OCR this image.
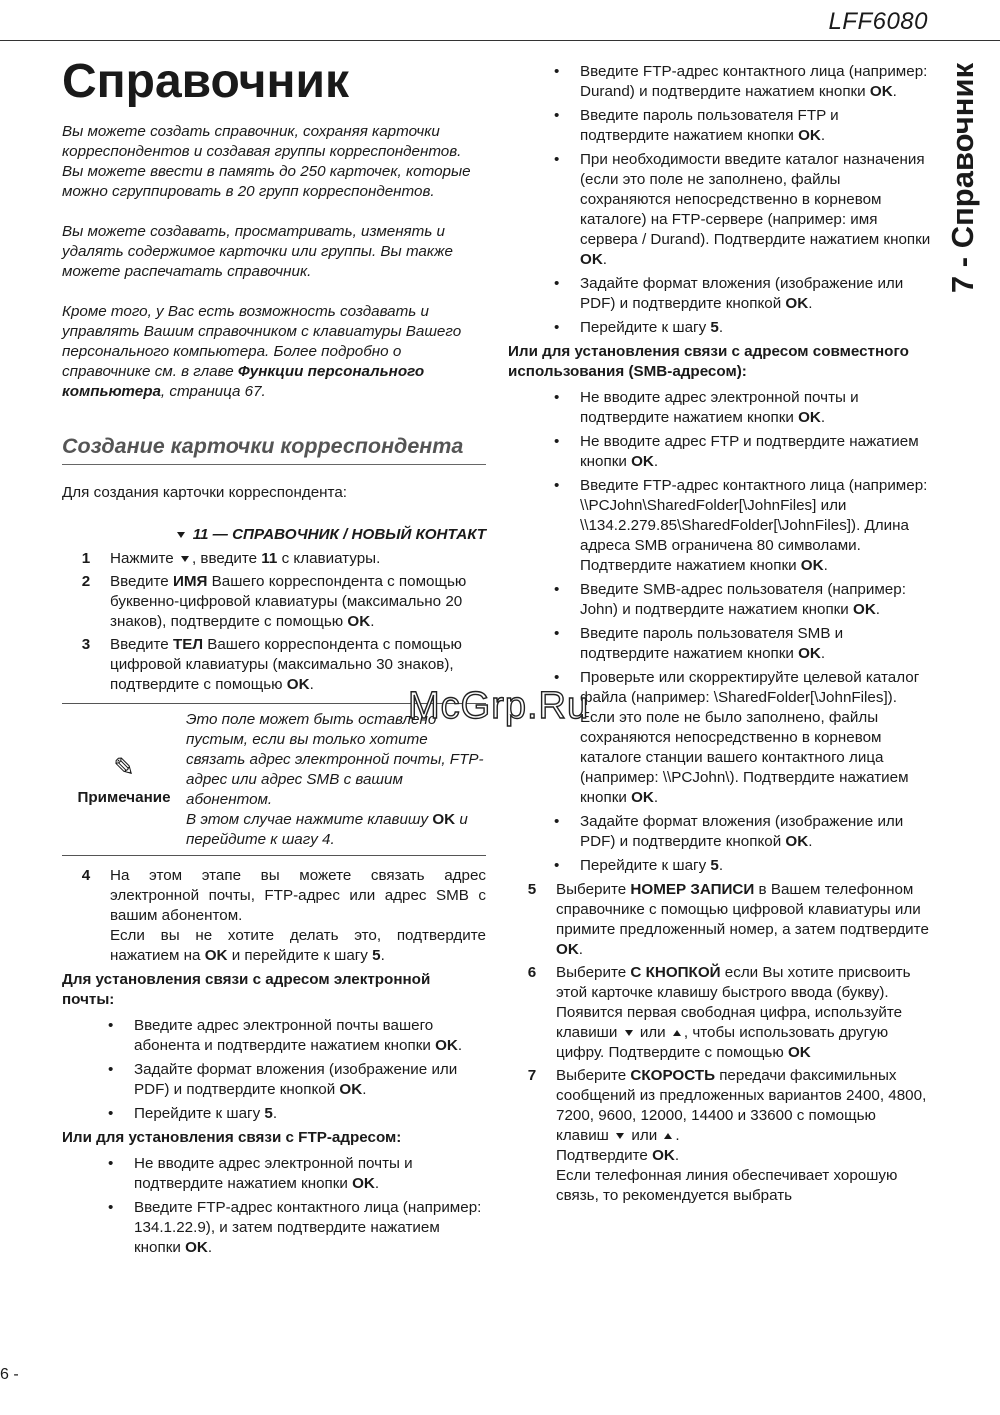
LFF6080
7 - Справочник
Справочник

Вы можете создать справочник, сохраняя карточки корреспондентов и создавая группы корреспондентов. Вы можете ввести в память до 250 карточек, которые можно сгруппировать в 20 групп корреспондентов.

Вы можете создавать, просматривать, изменять и удалять содержимое карточки или группы. Вы также можете распечатать справочник.

Кроме того, у Вас есть возможность создавать и управлять Вашим справочником с клавиатуры Вашего персонального компьютера. Более подробно о справочнике см. в главе Функции персонального компьютера, страница 67.

Создание карточки корреспондента

Для создания карточки корреспондента:

11 — СПРАВОЧНИК / НОВЫЙ КОНТАКТ
1	Нажмите , введите 11 с клавиатуры.
2	Введите ИМЯ Вашего корреспондента с помощью буквенно-цифровой клавиатуры (максимально 20 знаков), подтвердите с помощью OK.
3	Введите ТЕЛ Вашего корреспондента с помощью цифровой клавиатуры (максимально 30 знаков), подтвердите с помощью OK.
✎
Примечание
Это поле может быть оставлено пустым, если вы только хотите связать адрес электронной почты, FTP-адрес или адрес SMB с вашим абонентом.
В этом случае нажмите клавишу OK и перейдите к шагу 4.
4	На этом этапе вы можете связать адрес электронной почты, FTP-адрес или адрес SMB с вашим абонентом.
Если вы не хотите делать это, подтвердите нажатием на OK и перейдите к шагу 5.
Для установления связи с адресом электронной почты:
• Введите адрес электронной почты вашего абонента и подтвердите нажатием кнопки OK.
• Задайте формат вложения (изображение или PDF) и подтвердите кнопкой OK.
• Перейдите к шагу 5.
Или для установления связи с FTP-адресом:
• Не вводите адрес электронной почты и подтвердите нажатием кнопки OK.
• Введите FTP-адрес контактного лица (например: 134.1.22.9), и затем подтвердите нажатием кнопки OK.
• Введите FTP-адрес контактного лица (например: Durand) и подтвердите нажатием кнопки OK.
• Введите пароль пользователя FTP и подтвердите нажатием кнопки OK.
• При необходимости введите каталог назначения (если это поле не заполнено, файлы сохраняются непосредственно в корневом каталоге) на FTP-сервере (например: имя сервера / Durand). Подтвердите нажатием кнопки OK.
• Задайте формат вложения (изображение или PDF) и подтвердите кнопкой OK.
• Перейдите к шагу 5.
Или для установления связи с адресом совместного использования (SMB-адресом):
• Не вводите адрес электронной почты и подтвердите нажатием кнопки OK.
• Не вводите адрес FTP и подтвердите нажатием кнопки OK.
• Введите FTP-адрес контактного лица (например: \\PCJohn\SharedFolder[\JohnFiles] или \\134.2.279.85\SharedFolder[\JohnFiles]). Длина адреса SMB ограничена 80 символами. Подтвердите нажатием кнопки OK.
• Введите SMB-адрес пользователя (например: John) и подтвердите нажатием кнопки OK.
• Введите пароль пользователя SMB и подтвердите нажатием кнопки OK.
• Проверьте или скорректируйте целевой каталог файла (например: \SharedFolder[\JohnFiles]). Если это поле не было заполнено, файлы сохраняются непосредственно в корневом каталоге станции вашего контактного лица (например: \\PCJohn\). Подтвердите нажатием кнопки OK.
• Задайте формат вложения (изображение или PDF) и подтвердите кнопкой OK.
• Перейдите к шагу 5.
5	Выберите НОМЕР ЗАПИСИ в Вашем телефонном справочнике с помощью цифровой клавиатуры или примите предложенный номер, а затем подтвердите OK.
6	Выберите С КНОПКОЙ если Вы хотите присвоить этой карточке клавишу быстрого ввода (букву). Появится первая свободная цифра, используйте клавиши или , чтобы использовать другую цифру. Подтвердите с помощью OK
7	Выберите СКОРОСТЬ передачи факсимильных сообщений из предложенных вариантов 2400, 4800, 7200, 9600, 12000, 14400 и 33600 с помощью клавиш или .
Подтвердите OK.
Если телефонная линия обеспечивает хорошую связь, то рекомендуется выбрать
McGrp.Ru
6 -
